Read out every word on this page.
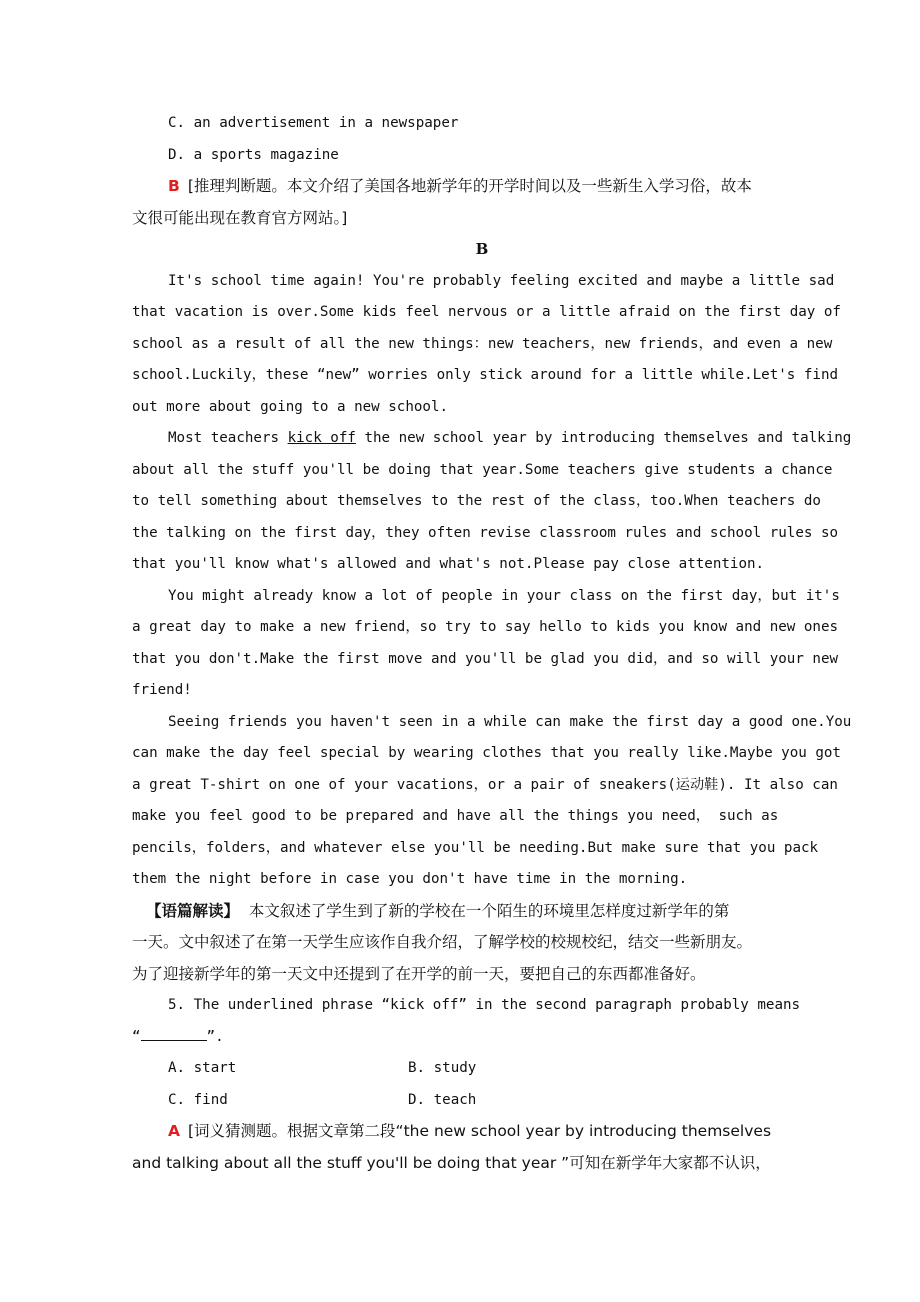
C. an advertisement in a newspaper
D. a sports magazine
B [推理判断题。本文介绍了美国各地新学年的开学时间以及一些新生入学习俗，故本
文很可能出现在教育官方网站。]
B
It's school time again! You're probably feeling excited and maybe a little sad
that vacation is over.Some kids feel nervous or a little afraid on the first day of
school as a result of all the new things：new teachers，new friends，and even a new
school.Luckily，these “new” worries only stick around for a little while.Let's find
out more about going to a new school.
Most teachers kick off the new school year by introducing themselves and talking
about all the stuff you'll be doing that year.Some teachers give students a chance
to tell something about themselves to the rest of the class，too.When teachers do
the talking on the first day，they often revise classroom rules and school rules so
that you'll know what's allowed and what's not.Please pay close attention.
You might already know a lot of people in your class on the first day，but it's
a great day to make a new friend，so try to say hello to kids you know and new ones
that you don't.Make the first move and you'll be glad you did，and so will your new
friend!
Seeing friends you haven't seen in a while can make the first day a good one.You
can make the day feel special by wearing clothes that you really like.Maybe you got
a great T-shirt on one of your vacations，or a pair of sneakers(运动鞋). It also can
make you feel good to be prepared and have all the things you need， such as
pencils，folders，and whatever else you'll be needing.But make sure that you pack
them the night before in case you don't have time in the morning.
【语篇解读】 本文叙述了学生到了新的学校在一个陌生的环境里怎样度过新学年的第
一天。文中叙述了在第一天学生应该作自我介绍，了解学校的校规校纪，结交一些新朋友。
为了迎接新学年的第一天文中还提到了在开学的前一天，要把自己的东西都准备好。
5. The underlined phrase “kick off” in the second paragraph probably means
“	”.
A. start	B. study
C. find	D. teach
A [词义猜测题。根据文章第二段“the new school year by introducing themselves
and talking about all the stuff you'll be doing that year ”可知在新学年大家都不认识，
